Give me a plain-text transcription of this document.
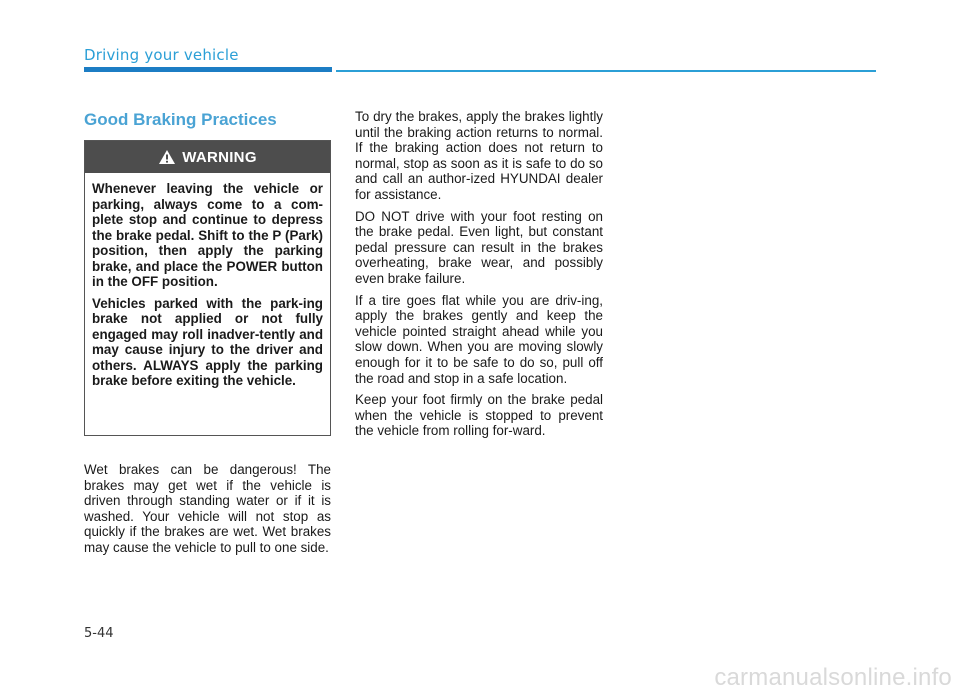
Driving your vehicle
Good Braking Practices
WARNING

Whenever leaving the vehicle or parking, always come to a com-plete stop and continue to depress the brake pedal. Shift to the P (Park) position, then apply the parking brake, and place the POWER button in the OFF position.

Vehicles parked with the park-ing brake not applied or not fully engaged may roll inadver-tently and may cause injury to the driver and others. ALWAYS apply the parking brake before exiting the vehicle.

Wet brakes can be dangerous! The brakes may get wet if the vehicle is driven through standing water or if it is washed. Your vehicle will not stop as quickly if the brakes are wet. Wet brakes may cause the vehicle to pull to one side.

To dry the brakes, apply the brakes lightly until the braking action returns to normal. If the braking action does not return to normal, stop as soon as it is safe to do so and call an author-ized HYUNDAI dealer for assistance.

DO NOT drive with your foot resting on the brake pedal. Even light, but constant pedal pressure can result in the brakes overheating, brake wear, and possibly even brake failure.

If a tire goes flat while you are driv-ing, apply the brakes gently and keep the vehicle pointed straight ahead while you slow down. When you are moving slowly enough for it to be safe to do so, pull off the road and stop in a safe location.

Keep your foot firmly on the brake pedal when the vehicle is stopped to prevent the vehicle from rolling for-ward.

5-44
carmanualsonline.info
